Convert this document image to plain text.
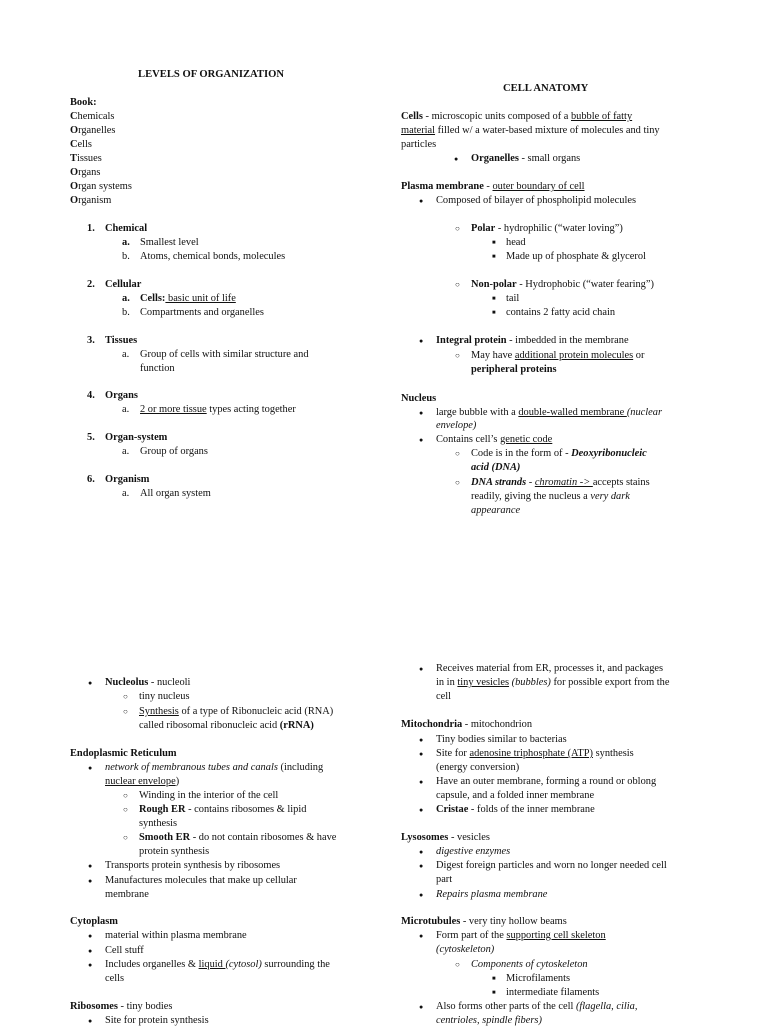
LEVELS OF ORGANIZATION
Book:
Chemicals
Organelles
Cells
Tissues
Organs
Organ systems
Organism
1. Chemical
a. Smallest level
b. Atoms, chemical bonds, molecules
2. Cellular
a. Cells: basic unit of life
b. Compartments and organelles
3. Tissues
a. Group of cells with similar structure and
function
4. Organs
a. 2 or more tissue types acting together
5. Organ-system
a. Group of organs
6. Organism
a. All organ system
CELL ANATOMY
Cells - microscopic units composed of a bubble of fatty
material filled w/ a water-based mixture of molecules and tiny
particles
● Organelles - small organs
Plasma membrane - outer boundary of cell
● Composed of bilayer of phospholipid molecules
○ Polar - hydrophilic (“water loving”)
■ head
■ Made up of phosphate & glycerol
○ Non-polar - Hydrophobic (“water fearing”)
■ tail
■ contains 2 fatty acid chain
● Integral protein - imbedded in the membrane
○ May have additional protein molecules or
peripheral proteins
Nucleus
● large bubble with a double-walled membrane (nuclear
envelope)
● Contains cell’s genetic code
○ Code is in the form of - Deoxyribonucleic
acid (DNA)
○ DNA strands - chromatin -> accepts stains
readily, giving the nucleus a very dark
appearance
● Nucleolus - nucleoli
○ tiny nucleus
○ Synthesis of a type of Ribonucleic acid (RNA)
called ribosomal ribonucleic acid (rRNA)
Endoplasmic Reticulum
● network of membranous tubes and canals (including
nuclear envelope)
○ Winding in the interior of the cell
○ Rough ER - contains ribosomes & lipid
synthesis
○ Smooth ER - do not contain ribosomes & have
protein synthesis
● Transports protein synthesis by ribosomes
● Manufactures molecules that make up cellular
membrane
Cytoplasm
● material within plasma membrane
● Cell stuff
● Includes organelles & liquid (cytosol) surrounding the
cells
Ribosomes - tiny bodies
● Site for protein synthesis
● Receives material from ER, processes it, and packages
in in tiny vesicles (bubbles) for possible export from the
cell
Mitochondria - mitochondrion
● Tiny bodies similar to bacterias
● Site for adenosine triphosphate (ATP) synthesis
(energy conversion)
● Have an outer membrane, forming a round or oblong
capsule, and a folded inner membrane
● Cristae - folds of the inner membrane
Lysosomes - vesicles
● digestive enzymes
● Digest foreign particles and worn no longer needed cell
part
● Repairs plasma membrane
Microtubules - very tiny hollow beams
● Form part of the supporting cell skeleton
(cytoskeleton)
○ Components of cytoskeleton
■ Microfilaments
■ intermediate filaments
● Also forms other parts of the cell (flagella, cilia,
centrioles, spindle fibers)
